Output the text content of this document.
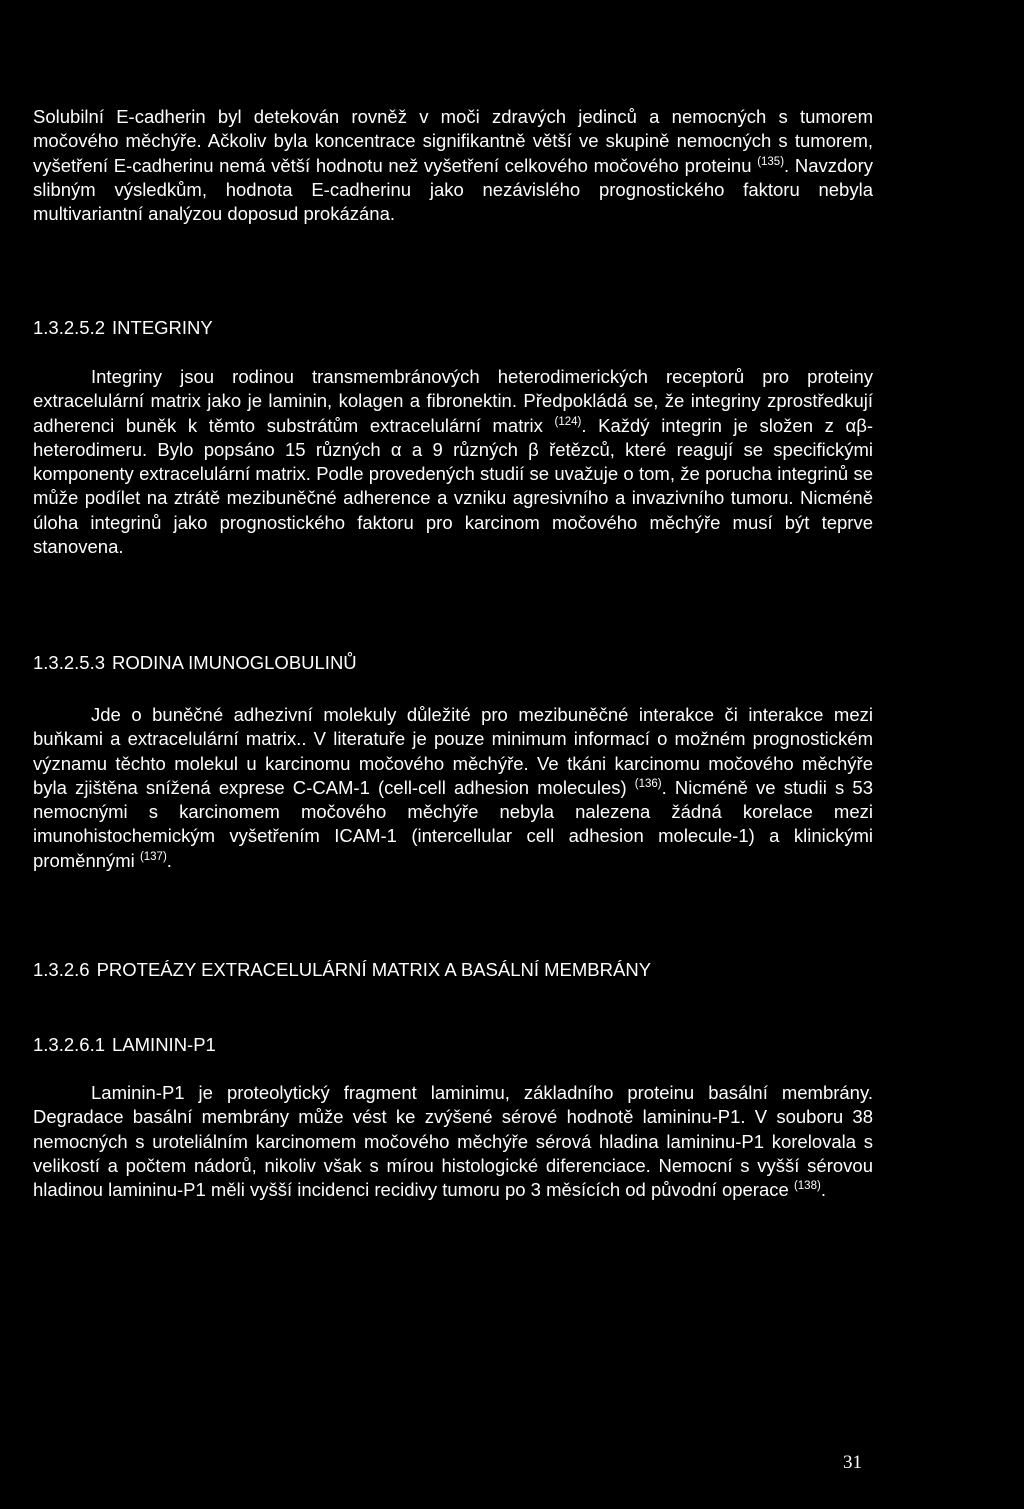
Solubilní E-cadherin byl detekován rovněž v moči zdravých jedinců a nemocných s tumorem močového měchýře. Ačkoliv byla koncentrace signifikantně větší ve skupině nemocných s tumorem, vyšetření E-cadherinu nemá větší hodnotu než vyšetření celkového močového proteinu $^{(135)}$. Navzdory slibným výsledkům, hodnota E-cadherinu jako nezávislého prognostického faktoru nebyla multivariantní analýzou doposud prokázána.

1.3.2.5.2 INTEGRINY

Integriny jsou rodinou transmembránových heterodimerických receptorů pro proteiny extracelulární matrix jako je laminin, kolagen a fibronektin. Předpokládá se, že integriny zprostředkují adherenci buněk k těmto substrátům extracelulární matrix $^{(124)}$. Každý integrin je složen z αβ-heterodimeru. Bylo popsáno 15 různých α a 9 různých β řetězců, které reagují se specifickými komponenty extracelulární matrix. Podle provedených studií se uvažuje o tom, že porucha integrinů se může podílet na ztrátě mezibuněčné adherence a vzniku agresivního a invazivního tumoru. Nicméně úloha integrinů jako prognostického faktoru pro karcinom močového měchýře musí být teprve stanovena.

1.3.2.5.3 RODINA IMUNOGLOBULINŮ

Jde o buněčné adhezivní molekuly důležité pro mezibuněčné interakce či interakce mezi buňkami a extracelulární matrix.. V literatuře je pouze minimum informací o možném prognostickém významu těchto molekul u karcinomu močového měchýře. Ve tkáni karcinomu močového měchýře byla zjištěna snížená exprese C-CAM-1 (cell-cell adhesion molecules) $^{(136)}$. Nicméně ve studii s 53 nemocnými s karcinomem močového měchýře nebyla nalezena žádná korelace mezi imunohistochemickým vyšetřením ICAM-1 (intercellular cell adhesion molecule-1) a klinickými proměnnými $^{(137)}$.

1.3.2.6 PROTEÁZY EXTRACELULÁRNÍ MATRIX A BASÁLNÍ MEMBRÁNY
1.3.2.6.1 LAMININ-P1

Laminin-P1 je proteolytický fragment laminimu, základního proteinu basální membrány. Degradace basální membrány může vést ke zvýšené sérové hodnotě lamininu-P1. V souboru 38 nemocných s uroteliálním karcinomem močového měchýře sérová hladina lamininu-P1 korelovala s velikostí a počtem nádorů, nikoliv však s mírou histologické diferenciace. Nemocní s vyšší sérovou hladinou lamininu-P1 měli vyšší incidenci recidivy tumoru po 3 měsících od původní operace $^{(138)}$.

31
